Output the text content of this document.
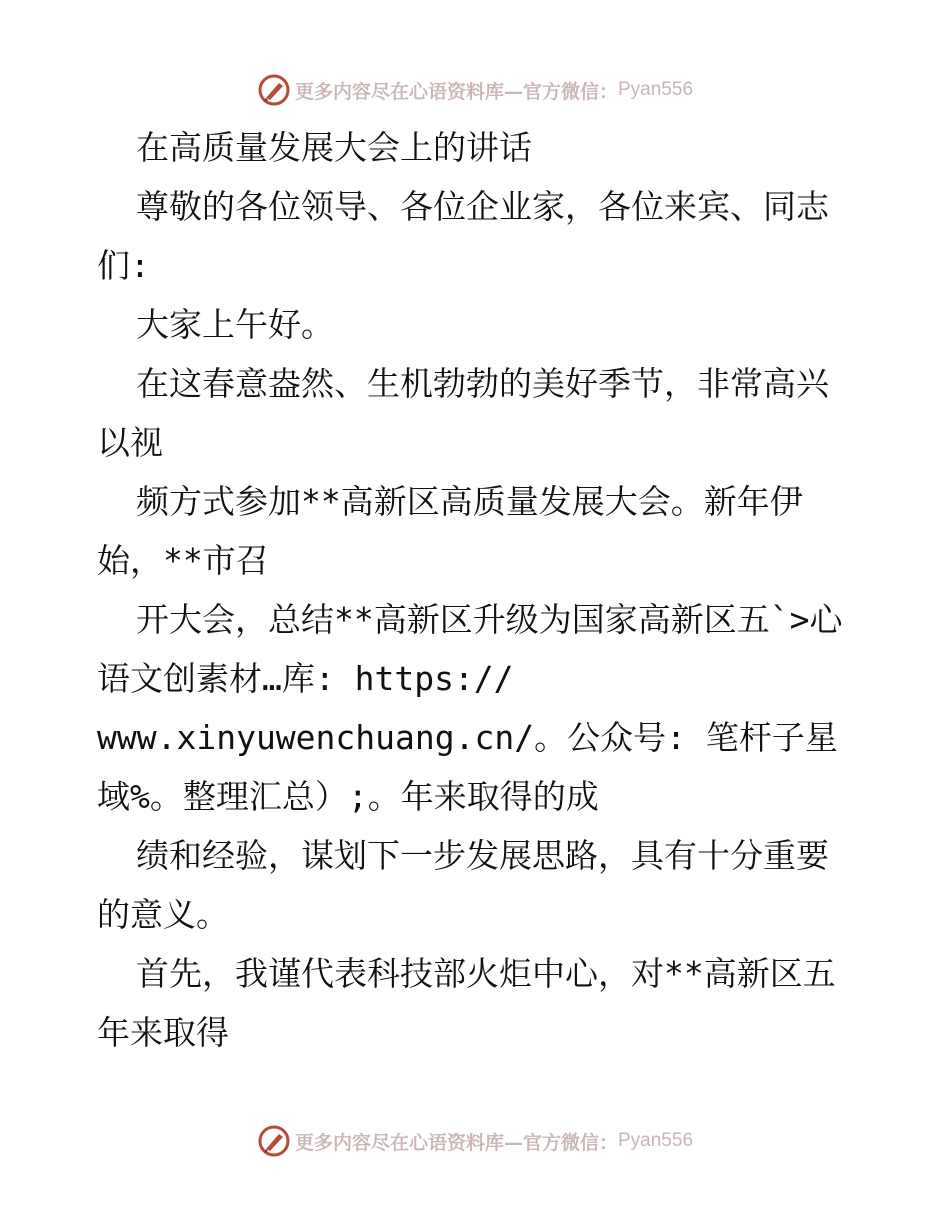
更多内容尽在心语资料库—官方微信： Pyan556
在高质量发展大会上的讲话
尊敬的各位领导、各位企业家，各位来宾、同志
们:
大家上午好。
在这春意盎然、生机勃勃的美好季节，非常高兴
以视
频方式参加**高新区高质量发展大会。新年伊
始，**市召
开大会，总结**高新区升级为国家高新区五`>心
语文创素材…库: https://
www.xinyuwenchuang.cn/。公众号: 笔杆子星
域%。整理汇总）;。年来取得的成
绩和经验，谋划下一步发展思路，具有十分重要
的意义。
首先，我谨代表科技部火炬中心，对**高新区五
年来取得
更多内容尽在心语资料库—官方微信： Pyan556
